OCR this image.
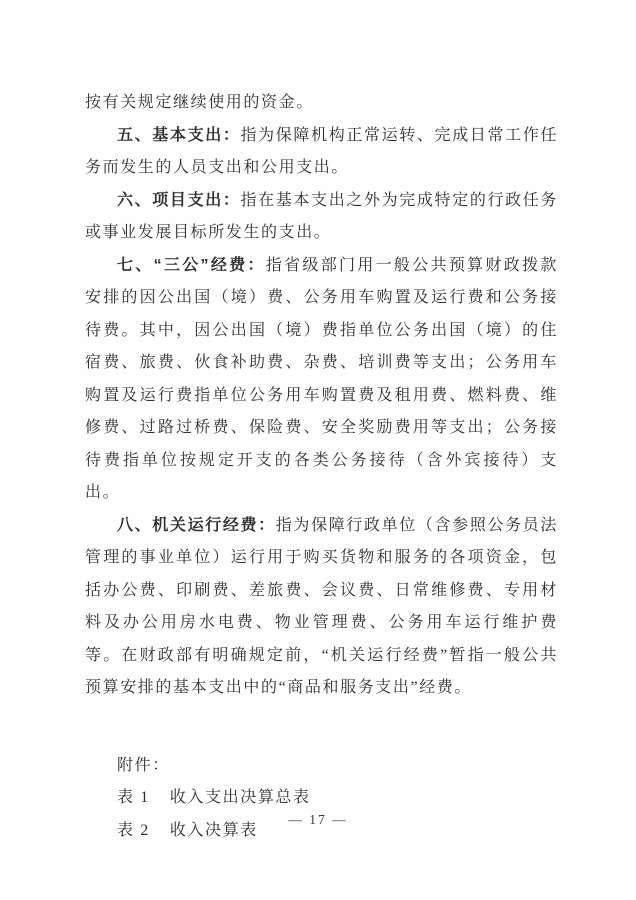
按有关规定继续使用的资金。

五、基本支出：指为保障机构正常运转、完成日常工作任务而发生的人员支出和公用支出。

六、项目支出：指在基本支出之外为完成特定的行政任务或事业发展目标所发生的支出。

七、“三公”经费：指省级部门用一般公共预算财政拨款安排的因公出国（境）费、公务用车购置及运行费和公务接待费。其中，因公出国（境）费指单位公务出国（境）的住宿费、旅费、伙食补助费、杂费、培训费等支出；公务用车购置及运行费指单位公务用车购置费及租用费、燃料费、维修费、过路过桥费、保险费、安全奖励费用等支出；公务接待费指单位按规定开支的各类公务接待（含外宾接待）支出。

八、机关运行经费：指为保障行政单位（含参照公务员法管理的事业单位）运行用于购买货物和服务的各项资金，包括办公费、印刷费、差旅费、会议费、日常维修费、专用材料及办公用房水电费、物业管理费、公务用车运行维护费等。在财政部有明确规定前，“机关运行经费”暂指一般公共预算安排的基本支出中的“商品和服务支出”经费。

附件：

表 1 收入支出决算总表

表 2 收入决算表

— 17 —
